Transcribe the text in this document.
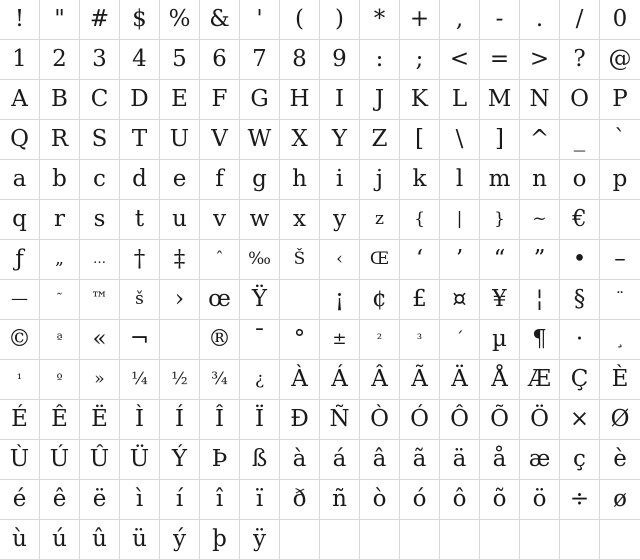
! " # $ % & ' ( ) * + , - . / 0
1 2 3 4 5 6 7 8 9 : ; < = > ? @
A B C D E F G H I J K L M N O P
Q R S T U V W X Y Z [ \ ] ^ _ `
a b c d e f g h i j k l m n o p
q r s t u v w x y z { | } ~ €
ƒ „ … † ‡ ˆ ‰ Š ‹ Œ ‘ ’ “ ” • –
— ˜ ™ š › œ Ÿ	¡ ¢ £ ¤ ¥ ¦ § ¨
© ª « ¬	® ¯ ° ± ²	³ ´ µ ¶ · ¸
¹	º » ¼ ½ ¾ ¿ À Á Â Ã Ä Å Æ Ç È
É Ê Ë Ì Í Î Ï Ð Ñ Ò Ó Ô Õ Ö × Ø
Ù Ú Û Ü Ý Þ ß à á â ã ä å æ ç è
é ê ë ì í î ï ð ñ ò ó ô õ ö ÷ ø
ù ú û ü ý þ ÿ
